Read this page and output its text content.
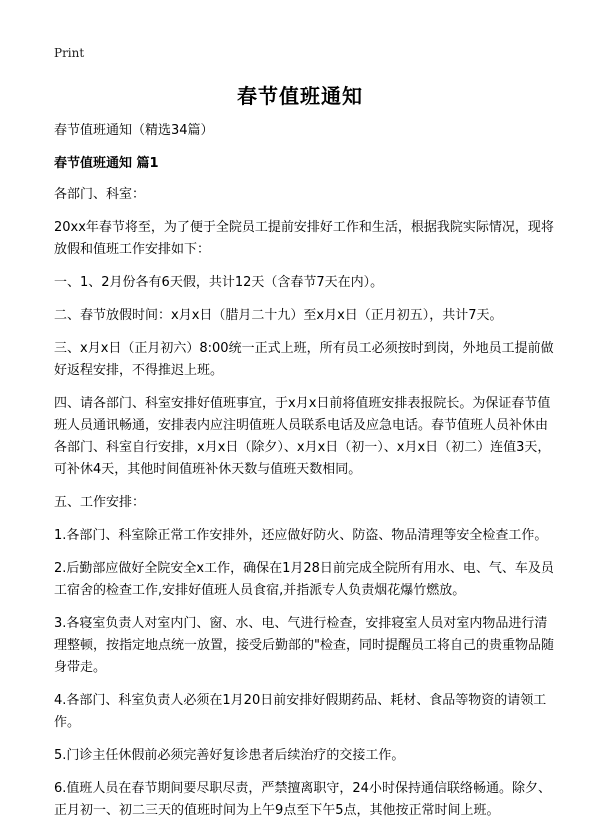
Print
春节值班通知

春节值班通知（精选34篇）

春节值班通知 篇1

各部门、科室：

20xx年春节将至，为了便于全院员工提前安排好工作和生活，根据我院实际情况，现将放假和值班工作安排如下：

一、1、2月份各有6天假，共计12天（含春节7天在内）。

二、春节放假时间：x月x日（腊月二十九）至x月x日（正月初五），共计7天。

三、x月x日（正月初六）8:00统一正式上班，所有员工必须按时到岗，外地员工提前做好返程安排，不得推迟上班。

四、请各部门、科室安排好值班事宜，于x月x日前将值班安排表报院长。为保证春节值班人员通讯畅通，安排表内应注明值班人员联系电话及应急电话。春节值班人员补休由各部门、科室自行安排，x月x日（除夕）、x月x日（初一）、x月x日（初二）连值3天，可补休4天，其他时间值班补休天数与值班天数相同。

五、工作安排：

1.各部门、科室除正常工作安排外，还应做好防火、防盗、物品清理等安全检查工作。

2.后勤部应做好全院安全x工作，确保在1月28日前完成全院所有用水、电、气、车及员工宿舍的检查工作,安排好值班人员食宿,并指派专人负责烟花爆竹燃放。

3.各寝室负责人对室内门、窗、水、电、气进行检查，安排寝室人员对室内物品进行清理整顿，按指定地点统一放置，接受后勤部的"检查，同时提醒员工将自己的贵重物品随身带走。

4.各部门、科室负责人必须在1月20日前安排好假期药品、耗材、食品等物资的请领工作。

5.门诊主任休假前必须完善好复诊患者后续治疗的交接工作。

6.值班人员在春节期间要尽职尽责，严禁擅离职守，24小时保持通信联络畅通。除夕、正月初一、初二三天的值班时间为上午9点至下午5点，其他按正常时间上班。
